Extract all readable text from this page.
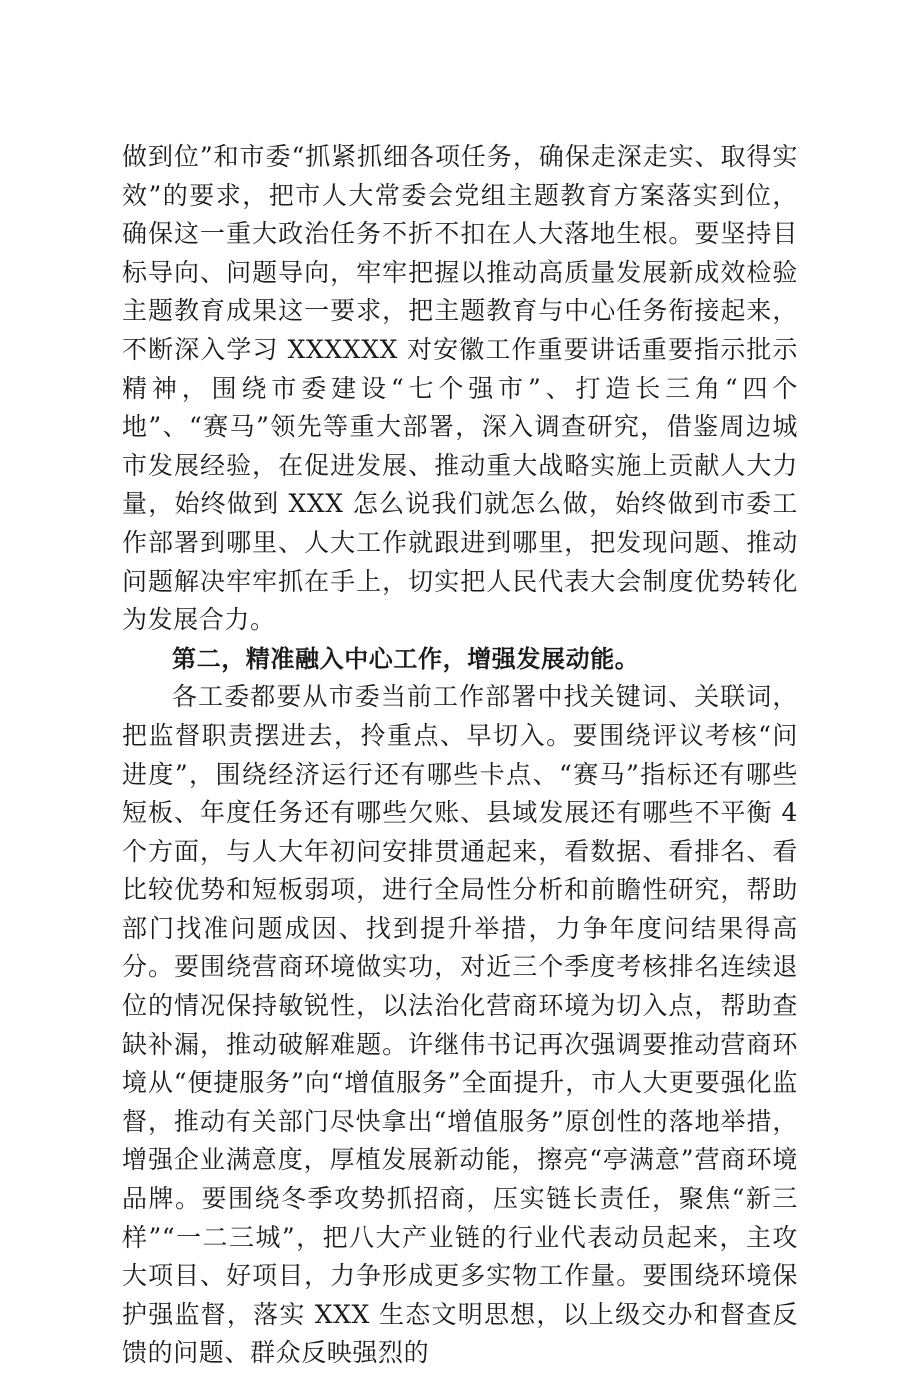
做到位”和市委“抓紧抓细各项任务，确保走深走实、取得实效”的要求，把市人大常委会党组主题教育方案落实到位，确保这一重大政治任务不折不扣在人大落地生根。要坚持目标导向、问题导向，牢牢把握以推动高质量发展新成效检验主题教育成果这一要求，把主题教育与中心任务衔接起来，不断深入学习 XXXXXX 对安徽工作重要讲话重要指示批示精神，围绕市委建设“七个强市”、打造长三角“四个地”、“赛马”领先等重大部署，深入调查研究，借鉴周边城市发展经验，在促进发展、推动重大战略实施上贡献人大力量，始终做到 XXX 怎么说我们就怎么做，始终做到市委工作部署到哪里、人大工作就跟进到哪里，把发现问题、推动问题解决牢牢抓在手上，切实把人民代表大会制度优势转化为发展合力。

第二，精准融入中心工作，增强发展动能。

各工委都要从市委当前工作部署中找关键词、关联词，把监督职责摆进去，拎重点、早切入。要围绕评议考核“问进度”，围绕经济运行还有哪些卡点、“赛马”指标还有哪些短板、年度任务还有哪些欠账、县域发展还有哪些不平衡 4 个方面，与人大年初问安排贯通起来，看数据、看排名、看比较优势和短板弱项，进行全局性分析和前瞻性研究，帮助部门找准问题成因、找到提升举措，力争年度问结果得高分。要围绕营商环境做实功，对近三个季度考核排名连续退位的情况保持敏锐性，以法治化营商环境为切入点，帮助查缺补漏，推动破解难题。许继伟书记再次强调要推动营商环境从“便捷服务”向“增值服务”全面提升，市人大更要强化监督，推动有关部门尽快拿出“增值服务”原创性的落地举措，增强企业满意度，厚植发展新动能，擦亮“亭满意”营商环境品牌。要围绕冬季攻势抓招商，压实链长责任，聚焦“新三样”“一二三城”，把八大产业链的行业代表动员起来，主攻大项目、好项目，力争形成更多实物工作量。要围绕环境保护强监督，落实 XXX 生态文明思想，以上级交办和督查反馈的问题、群众反映强烈的
